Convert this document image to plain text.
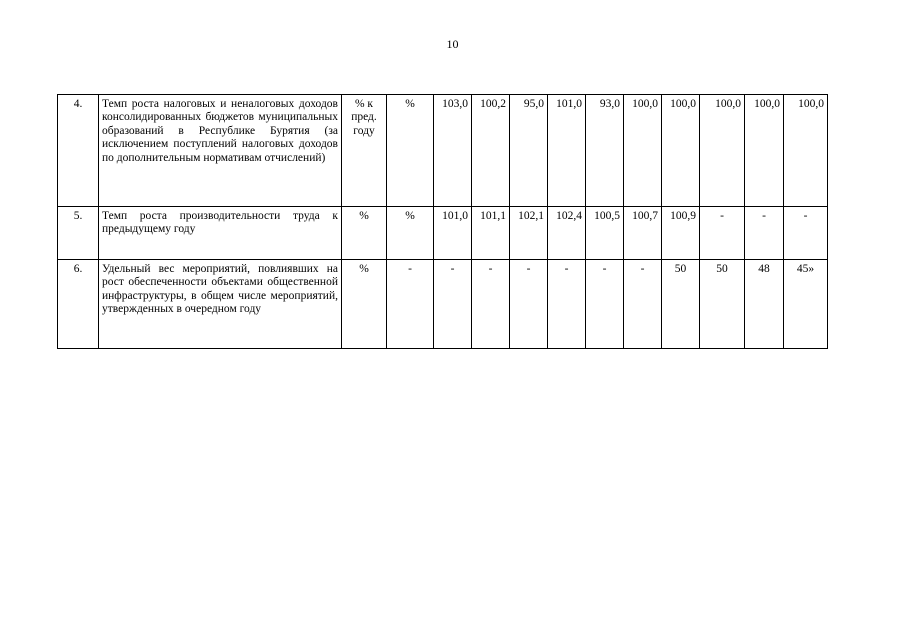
10
4.	Темп роста налоговых и неналоговых доходов консолидированных бюджетов муниципальных образований в Республике Бурятия (за исключением поступлений налоговых доходов по дополнительным нормативам отчислений)	% к пред. году	%	103,0	100,2	95,0	101,0	93,0	100,0	100,0	100,0	100,0	100,0
5.	Темп роста производительности труда к предыдущему году	%	%	101,0	101,1	102,1	102,4	100,5	100,7	100,9	-	-	-
6.	Удельный вес мероприятий, повлиявших на рост обеспеченности объектами общественной инфраструктуры, в общем числе мероприятий, утвержденных в очередном году	%	-	-	-	-	-	-	-	50	50	48	45»
